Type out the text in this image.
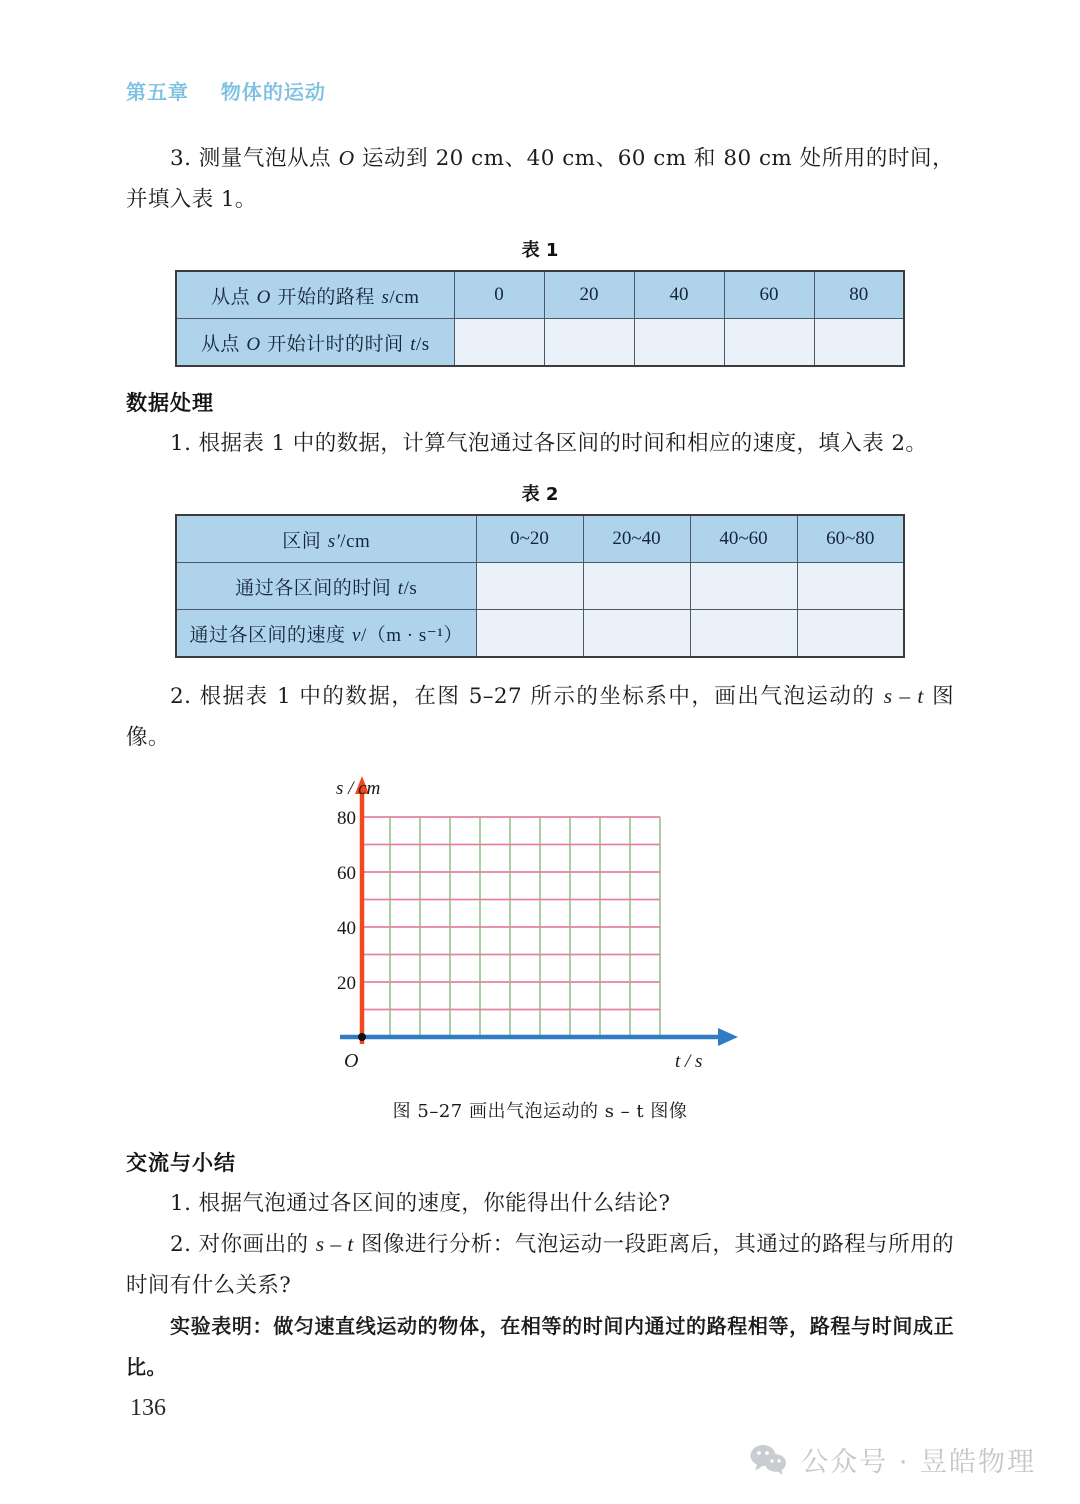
第五章    物体的运动

3. 测量气泡从点 O 运动到 20 cm、40 cm、60 cm 和 80 cm 处所用的时间，并填入表 1。

表 1

从点 O 开始的路程 s/cm	0	20	40	60	80
从点 O 开始计时的时间 t/s					

数据处理

1. 根据表 1 中的数据，计算气泡通过各区间的时间和相应的速度，填入表 2。

表 2

区间 s′/cm	0~20	20~40	40~60	60~80
通过各区间的时间 t/s				
通过各区间的速度 v/（m · s⁻¹）				

2. 根据表 1 中的数据，在图 5–27 所示的坐标系中，画出气泡运动的 s – t 图像。

80
60
40
20
s / cm
t / s
O

图 5–27 画出气泡运动的 s – t 图像

交流与小结

1. 根据气泡通过各区间的速度，你能得出什么结论?

2. 对你画出的 s – t 图像进行分析：气泡运动一段距离后，其通过的路程与所用的时间有什么关系?

实验表明：做匀速直线运动的物体，在相等的时间内通过的路程相等，路程与时间成正比。

136
公众号 · 昱皓物理
